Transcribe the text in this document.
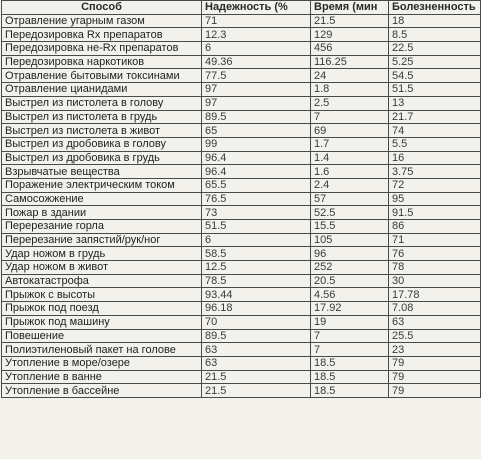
Способ	Надежность (%	Время (мин	Болезненность
Отравление угарным газом	71	21.5	18
Передозировка Rx препаратов	12.3	129	8.5
Передозировка не-Rx препаратов	6	456	22.5
Передозировка наркотиков	49.36	116.25	5.25
Отравление бытовыми токсинами	77.5	24	54.5
Отравление цианидами	97	1.8	51.5
Выстрел из пистолета в голову	97	2.5	13
Выстрел из пистолета в грудь	89.5	7	21.7
Выстрел из пистолета в живот	65	69	74
Выстрел из дробовика в голову	99	1.7	5.5
Выстрел из дробовика в грудь	96.4	1.4	16
Взрывчатые вещества	96.4	1.6	3.75
Поражение электрическим током	65.5	2.4	72
Самосожжение	76.5	57	95
Пожар в здании	73	52.5	91.5
Перерезание горла	51.5	15.5	86
Перерезание запястий/рук/ног	6	105	71
Удар ножом в грудь	58.5	96	76
Удар ножом в живот	12.5	252	78
Автокатастрофа	78.5	20.5	30
Прыжок с высоты	93.44	4.56	17.78
Прыжок под поезд	96.18	17.92	7.08
Прыжок под машину	70	19	63
Повешение	89.5	7	25.5
Полиэтиленовый пакет на голове	63	7	23
Утопление в море/озере	63	18.5	79
Утопление в ванне	21.5	18.5	79
Утопление в бассейне	21.5	18.5	79
